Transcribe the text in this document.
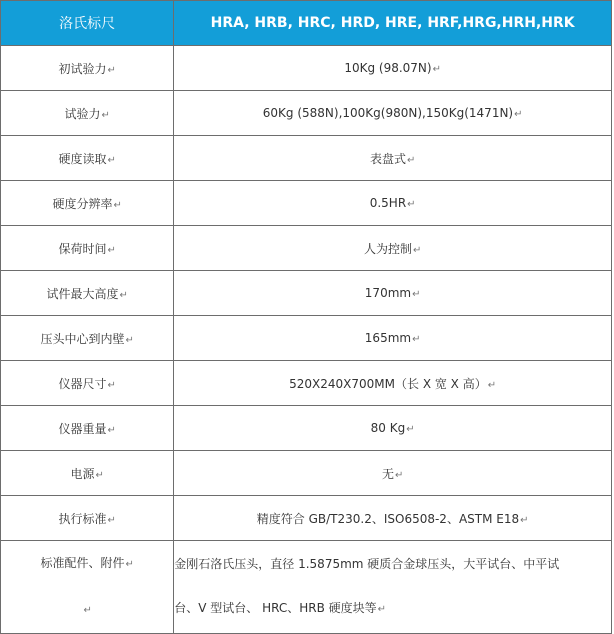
洛氏标尺	HRA, HRB, HRC, HRD, HRE, HRF,HRG,HRH,HRK
初试验力↵	10Kg (98.07N)↵
试验力↵	60Kg (588N),100Kg(980N),150Kg(1471N)↵
硬度读取↵	表盘式↵
硬度分辨率↵	0.5HR↵
保荷时间↵	人为控制↵
试件最大高度↵	170mm↵
压头中心到内壁↵	165mm↵
仪器尺寸↵	520X240X700MM（长 X 宽 X 高）↵
仪器重量↵	80 Kg↵
电源↵	无↵
执行标准↵	精度符合 GB/T230.2、ISO6508-2、ASTM E18↵

标准配件、附件↵
↵	金刚石洛氏压头，直径 1.5875mm 硬质合金球压头，大平试台、中平试
台、V 型试台、 HRC、HRB 硬度块等↵
